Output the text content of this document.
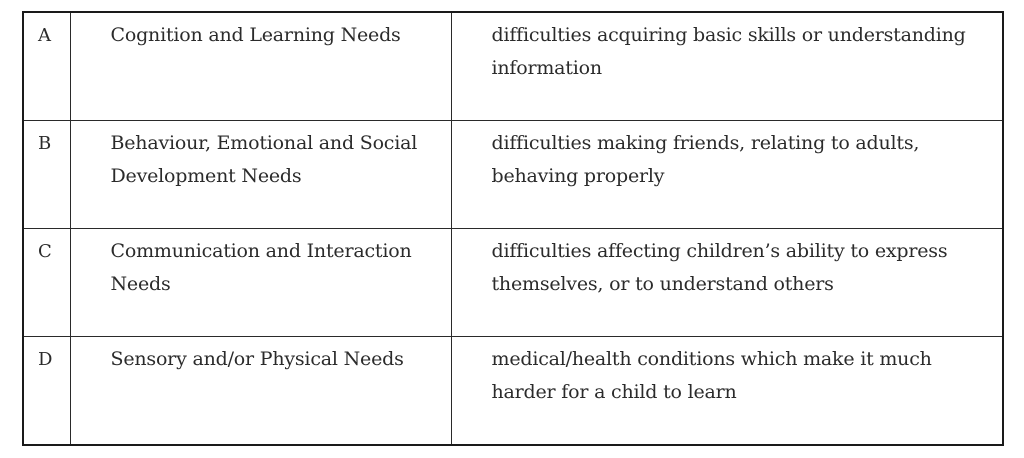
A	Cognition and Learning Needs	difficulties acquiring basic skills or understanding information
B	Behaviour, Emotional and Social Development Needs	difficulties making friends, relating to adults, behaving properly
C	Communication and Interaction Needs	difficulties affecting children’s ability to express themselves, or to understand others
D	Sensory and/or Physical Needs	medical/health conditions which make it much harder for a child to learn
